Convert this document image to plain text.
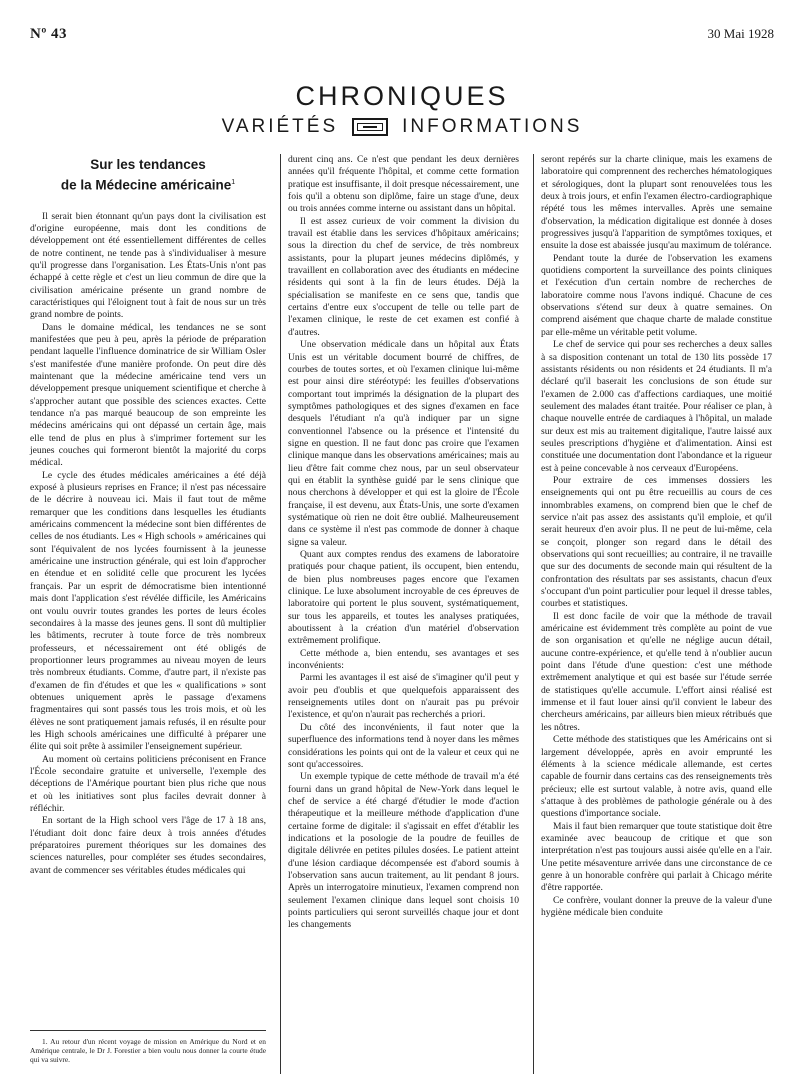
Nº 43	30 Mai 1928
CHRONIQUES
VARIÉTÉS	INFORMATIONS
Sur les tendances
de la Médecine américaine$^1$

Il serait bien étonnant qu'un pays dont la civilisation est d'origine européenne, mais dont les conditions de développement ont été essentiellement différentes de celles de notre continent, ne tende pas à s'individualiser à mesure qu'il progresse dans l'organisation. Les États-Unis n'ont pas échappé à cette règle et c'est un lieu commun de dire que la civilisation américaine présente un grand nombre de caractéristiques qui l'éloignent tout à fait de nous sur un très grand nombre de points.

Dans le domaine médical, les tendances ne se sont manifestées que peu à peu, après la période de préparation pendant laquelle l'influence dominatrice de sir William Osler s'est manifestée d'une manière profonde. On peut dire dès maintenant que la médecine américaine tend vers un développement presque uniquement scientifique et cherche à s'approcher autant que possible des sciences exactes. Cette tendance n'a pas marqué beaucoup de son empreinte les médecins américains qui ont dépassé un certain âge, mais elle tend de plus en plus à s'imprimer fortement sur les jeunes couches qui formeront bientôt la majorité du corps médical.

Le cycle des études médicales américaines a été déjà exposé à plusieurs reprises en France; il n'est pas nécessaire de le décrire à nouveau ici. Mais il faut tout de même remarquer que les conditions dans lesquelles les étudiants américains commencent la médecine sont bien différentes de celles de nos étudiants. Les « High schools » américaines qui sont l'équivalent de nos lycées fournissent à la jeunesse américaine une instruction générale, qui est loin d'approcher en étendue et en solidité celle que procurent les lycées français. Par un esprit de démocratisme bien intentionné mais dont l'application s'est révélée difficile, les Américains ont voulu ouvrir toutes grandes les portes de leurs écoles secondaires à la masse des jeunes gens. Il sont dû multiplier les bâtiments, recruter à toute force de très nombreux professeurs, et nécessairement ont été obligés de proportionner leurs programmes au niveau moyen de leurs très nombreux étudiants. Comme, d'autre part, il n'existe pas d'examen de fin d'études et que les « qualifications » sont obtenues uniquement après le passage d'examens fragmentaires qui sont passés tous les trois mois, et où les élèves ne sont pratiquement jamais refusés, il en résulte pour les High schools américaines une difficulté à préparer une élite qui soit prête à assimiler l'enseignement supérieur.

Au moment où certains politiciens préconisent en France l'École secondaire gratuite et universelle, l'exemple des déceptions de l'Amérique pourtant bien plus riche que nous et où les initiatives sont plus faciles devrait donner à réfléchir.

En sortant de la High school vers l'âge de 17 à 18 ans, l'étudiant doit donc faire deux à trois années d'études préparatoires purement théoriques sur les domaines des sciences naturelles, pour compléter ses études secondaires, avant de commencer ses véritables études médicales qui

1. Au retour d'un récent voyage de mission en Amérique du Nord et en Amérique centrale, le Dr J. Forestier a bien voulu nous donner la courte étude qui va suivre.

durent cinq ans. Ce n'est que pendant les deux dernières années qu'il fréquente l'hôpital, et comme cette formation pratique est insuffisante, il doit presque nécessairement, une fois qu'il a obtenu son diplôme, faire un stage d'une, deux ou trois années comme interne ou assistant dans un hôpital.

Il est assez curieux de voir comment la division du travail est établie dans les services d'hôpitaux américains; sous la direction du chef de service, de très nombreux assistants, pour la plupart jeunes médecins diplômés, y travaillent en collaboration avec des étudiants en médecine résidents qui sont à la fin de leurs études. Déjà la spécialisation se manifeste en ce sens que, tandis que certains d'entre eux s'occupent de telle ou telle part de l'examen clinique, le reste de cet examen est confié à d'autres.

Une observation médicale dans un hôpital aux États Unis est un véritable document bourré de chiffres, de courbes de toutes sortes, et où l'examen clinique lui-même est pour ainsi dire stéréotypé: les feuilles d'observations comportant tout imprimés la désignation de la plupart des symptômes pathologiques et des signes d'examen en face desquels l'étudiant n'a qu'à indiquer par un signe conventionnel l'absence ou la présence et l'intensité du signe en question. Il ne faut donc pas croire que l'examen clinique manque dans les observations américaines; mais au lieu d'être fait comme chez nous, par un seul observateur qui en établit la synthèse guidé par le sens clinique que nous cherchons à développer et qui est la gloire de l'École française, il est devenu, aux États-Unis, une sorte d'examen systématique où rien ne doit être oublié. Malheureusement dans ce système il n'est pas commode de donner à chaque signe sa valeur.

Quant aux comptes rendus des examens de laboratoire pratiqués pour chaque patient, ils occupent, bien entendu, de bien plus nombreuses pages encore que l'examen clinique. Le luxe absolument incroyable de ces épreuves de laboratoire qui portent le plus souvent, systématiquement, sur tous les appareils, et toutes les analyses pratiquées, aboutissent à la création d'un matériel d'observation extrêmement prolifique.

Cette méthode a, bien entendu, ses avantages et ses inconvénients:

Parmi les avantages il est aisé de s'imaginer qu'il peut y avoir peu d'oublis et que quelquefois apparaissent des renseignements utiles dont on n'aurait pas pu prévoir l'existence, et qu'on n'aurait pas recherchés a priori.

Du côté des inconvénients, il faut noter que la superfluence des informations tend à noyer dans les mêmes considérations les points qui ont de la valeur et ceux qui ne sont qu'accessoires.

Un exemple typique de cette méthode de travail m'a été fourni dans un grand hôpital de New-York dans lequel le chef de service a été chargé d'étudier le mode d'action thérapeutique et la meilleure méthode d'application d'une certaine forme de digitale: il s'agissait en effet d'établir les indications et la posologie de la poudre de feuilles de digitale délivrée en petites pilules dosées. Le patient atteint d'une lésion cardiaque décompensée est d'abord soumis à l'observation sans aucun traitement, au lit pendant 8 jours. Après un interrogatoire minutieux, l'examen comprend non seulement l'examen clinique dans lequel sont choisis 10 points particuliers qui seront surveillés chaque jour et dont les changements

seront repérés sur la charte clinique, mais les examens de laboratoire qui comprennent des recherches hématologiques et sérologiques, dont la plupart sont renouvelées tous les deux à trois jours, et enfin l'examen électro-cardiographique répété tous les mêmes intervalles. Après une semaine d'observation, la médication digitalique est donnée à doses progressives jusqu'à l'apparition de symptômes toxiques, et ensuite la dose est abaissée jusqu'au maximum de tolérance.

Pendant toute la durée de l'observation les examens quotidiens comportent la surveillance des points cliniques et l'exécution d'un certain nombre de recherches de laboratoire comme nous l'avons indiqué. Chacune de ces observations s'étend sur deux à quatre semaines. On comprend aisément que chaque charte de malade constitue par elle-même un véritable petit volume.

Le chef de service qui pour ses recherches a deux salles à sa disposition contenant un total de 130 lits possède 17 assistants résidents ou non résidents et 24 étudiants. Il m'a déclaré qu'il baserait les conclusions de son étude sur l'examen de 2.000 cas d'affections cardiaques, une moitié seulement des malades étant traitée. Pour réaliser ce plan, à chaque nouvelle entrée de cardiaques à l'hôpital, un malade sur deux est mis au traitement digitalique, l'autre laissé aux seules prescriptions d'hygiène et d'alimentation. Ainsi est constituée une documentation dont l'abondance et la rigueur est à peine concevable à nos cerveaux d'Européens.

Pour extraire de ces immenses dossiers les enseignements qui ont pu être recueillis au cours de ces innombrables examens, on comprend bien que le chef de service n'ait pas assez des assistants qu'il emploie, et qu'il serait heureux d'en avoir plus. Il ne peut de lui-même, cela se conçoit, plonger son regard dans le détail des observations qui sont recueillies; au contraire, il ne travaille que sur des documents de seconde main qui résultent de la confrontation des résultats par ses assistants, chacun d'eux s'occupant d'un point particulier pour lequel il dresse tables, courbes et statistiques.

Il est donc facile de voir que la méthode de travail américaine est évidemment très complète au point de vue de son organisation et qu'elle ne néglige aucun détail, aucune contre-expérience, et qu'elle tend à n'oublier aucun point dans l'étude d'une question: c'est une méthode extrêmement analytique et qui est basée sur l'étude serrée de statistiques qu'elle accumule. L'effort ainsi réalisé est immense et il faut louer ainsi qu'il convient le labeur des chercheurs américains, par ailleurs bien mieux rétribués que les nôtres.

Cette méthode des statistiques que les Américains ont si largement développée, après en avoir emprunté les éléments à la science médicale allemande, est certes capable de fournir dans certains cas des renseignements très précieux; elle est surtout valable, à notre avis, quand elle s'attaque à des problèmes de pathologie générale ou à des questions d'importance sociale.

Mais il faut bien remarquer que toute statistique doit être examinée avec beaucoup de critique et que son interprétation n'est pas toujours aussi aisée qu'elle en a l'air. Une petite mésaventure arrivée dans une circonstance de ce genre à un honorable confrère qui parlait à Chicago mérite d'être rapportée.

Ce confrère, voulant donner la preuve de la valeur d'une hygiène médicale bien conduite
